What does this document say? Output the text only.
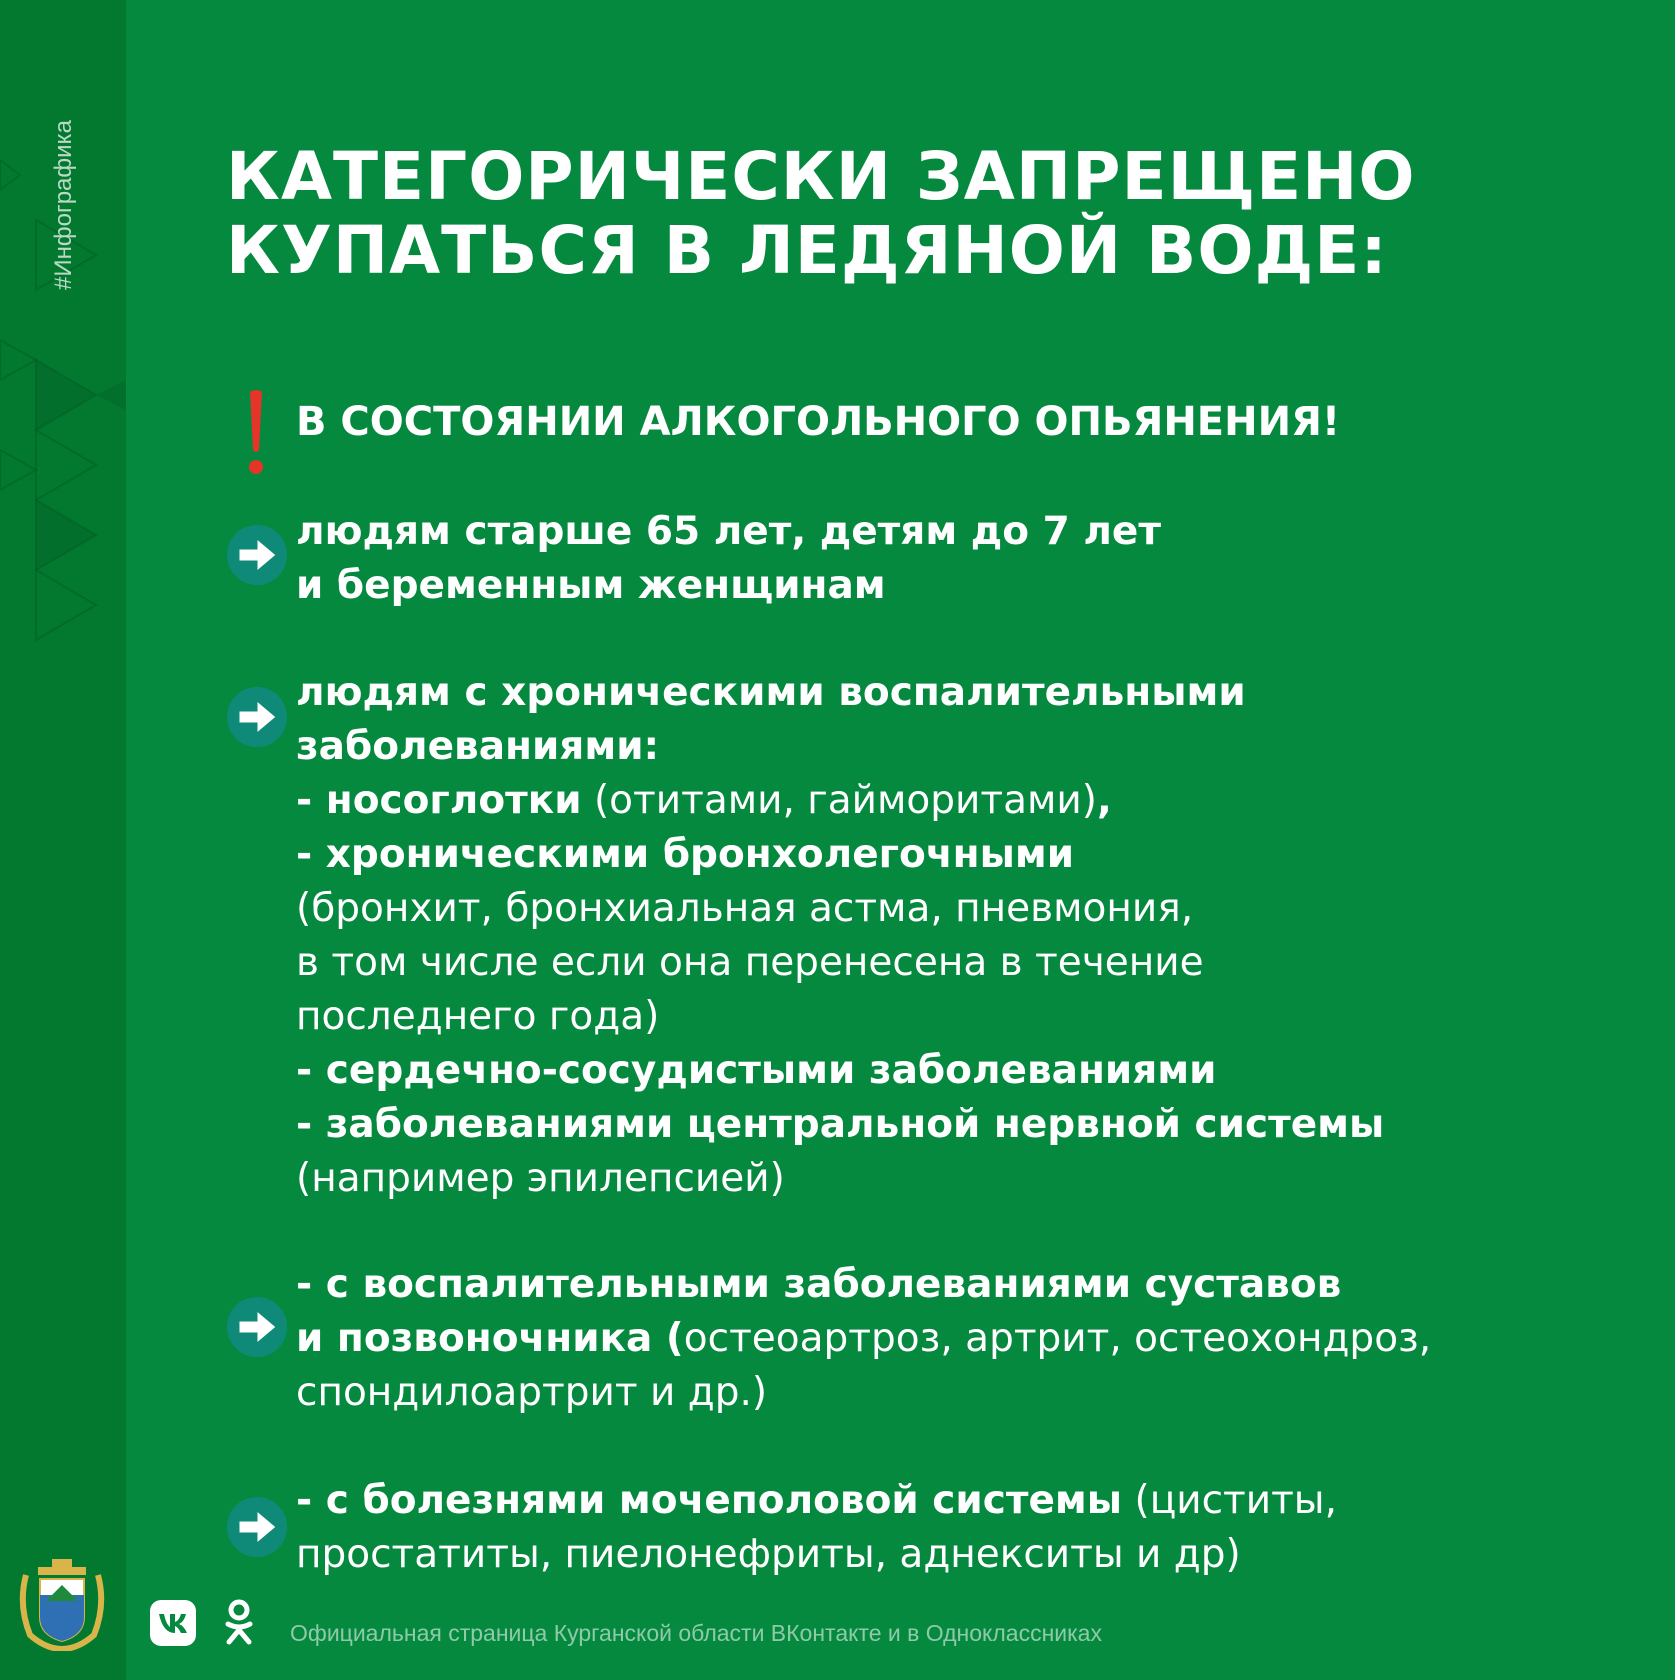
#Инфографика КАТЕГОРИЧЕСКИ ЗАПРЕЩЕНО
КУПАТЬСЯ В ЛЕДЯНОЙ ВОДЕ:
В СОСТОЯНИИ АЛКОГОЛЬНОГО ОПЬЯНЕНИЯ!
людям старше 65 лет, детям до 7 лет
и беременным женщинам
людям с хроническими воспалительными
заболеваниями:
- носоглотки (отитами, гайморитами),
- хроническими бронхолегочными
(бронхит, бронхиальная астма, пневмония,
в том числе если она перенесена в течение
последнего года)
- сердечно-сосудистыми заболеваниями
- заболеваниями центральной нервной системы
(например эпилепсией)
- с воспалительными заболеваниями суставов
и позвоночника (остеоартроз, артрит, остеохондроз,
спондилоартрит и др.)
- с болезнями мочеполовой системы (циститы,
простатиты, пиелонефриты, аднекситы и др)
Официальная страница Курганской области ВКонтакте и в Одноклассниках
